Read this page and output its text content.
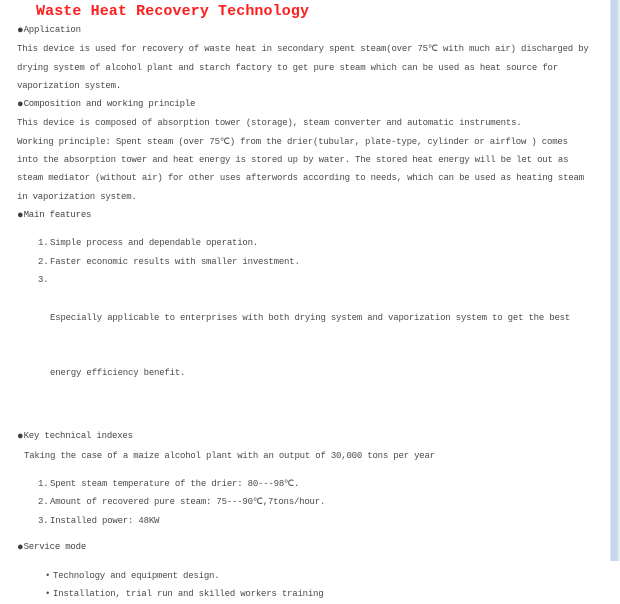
Waste Heat Recovery Technology
●Application
This device is used for recovery of waste heat in secondary spent steam(over 75℃ with much air) discharged by
drying system of alcohol plant and starch factory to get pure steam which can be used as heat source for
vaporization system.
●Composition and working principle
This device is composed of absorption tower (storage), steam converter and automatic instruments.
Working principle: Spent steam (over 75℃) from the drier(tubular, plate-type, cylinder or airflow ) comes
into the absorption tower and heat energy is stored up by water. The stored heat energy will be let out as
steam mediator (without air) for other uses afterwords according to needs, which can be used as heating steam
in vaporization system.
●Main features
1. Simple process and dependable operation.
2. Faster economic results with smaller investment.
3.

Especially applicable to enterprises with both drying system and vaporization system to get the best

energy efficiency benefit.

●Key technical indexes
Taking the case of a maize alcohol plant with an output of 30,000 tons per year
1. Spent steam temperature of the drier: 80---98℃.
2. Amount of recovered pure steam: 75---90℃,7tons/hour.
3. Installed power: 48KW
●Service mode
• Technology and equipment design.
• Installation, trial run and skilled workers training
